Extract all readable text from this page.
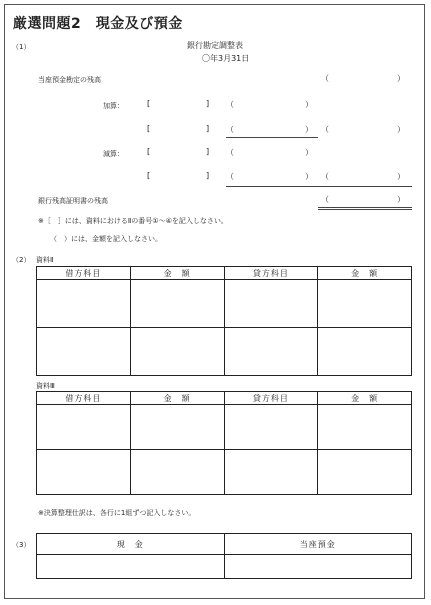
厳選問題2　現金及び預金
（1）	銀行勘定調整表
〇年3月31日
当座預金勘定の残高	（	）
加算：	[	] （	）
[	] （	） （	）
減算：	[	] （	）
[	] （	） （	）
銀行残高証明書の残高	（	）
※［　］には、資料におけるⅡの番号①～④を記入しなさい。
（　）には、金額を記入しなさい。
（2） 資料Ⅱ
借方科目	金　額	貸方科目	金　額

資料Ⅲ
借方科目	金　額	貸方科目	金　額

※決算整理仕訳は、各行に1組ずつ記入しなさい。
（3）	現　金	当座預金
